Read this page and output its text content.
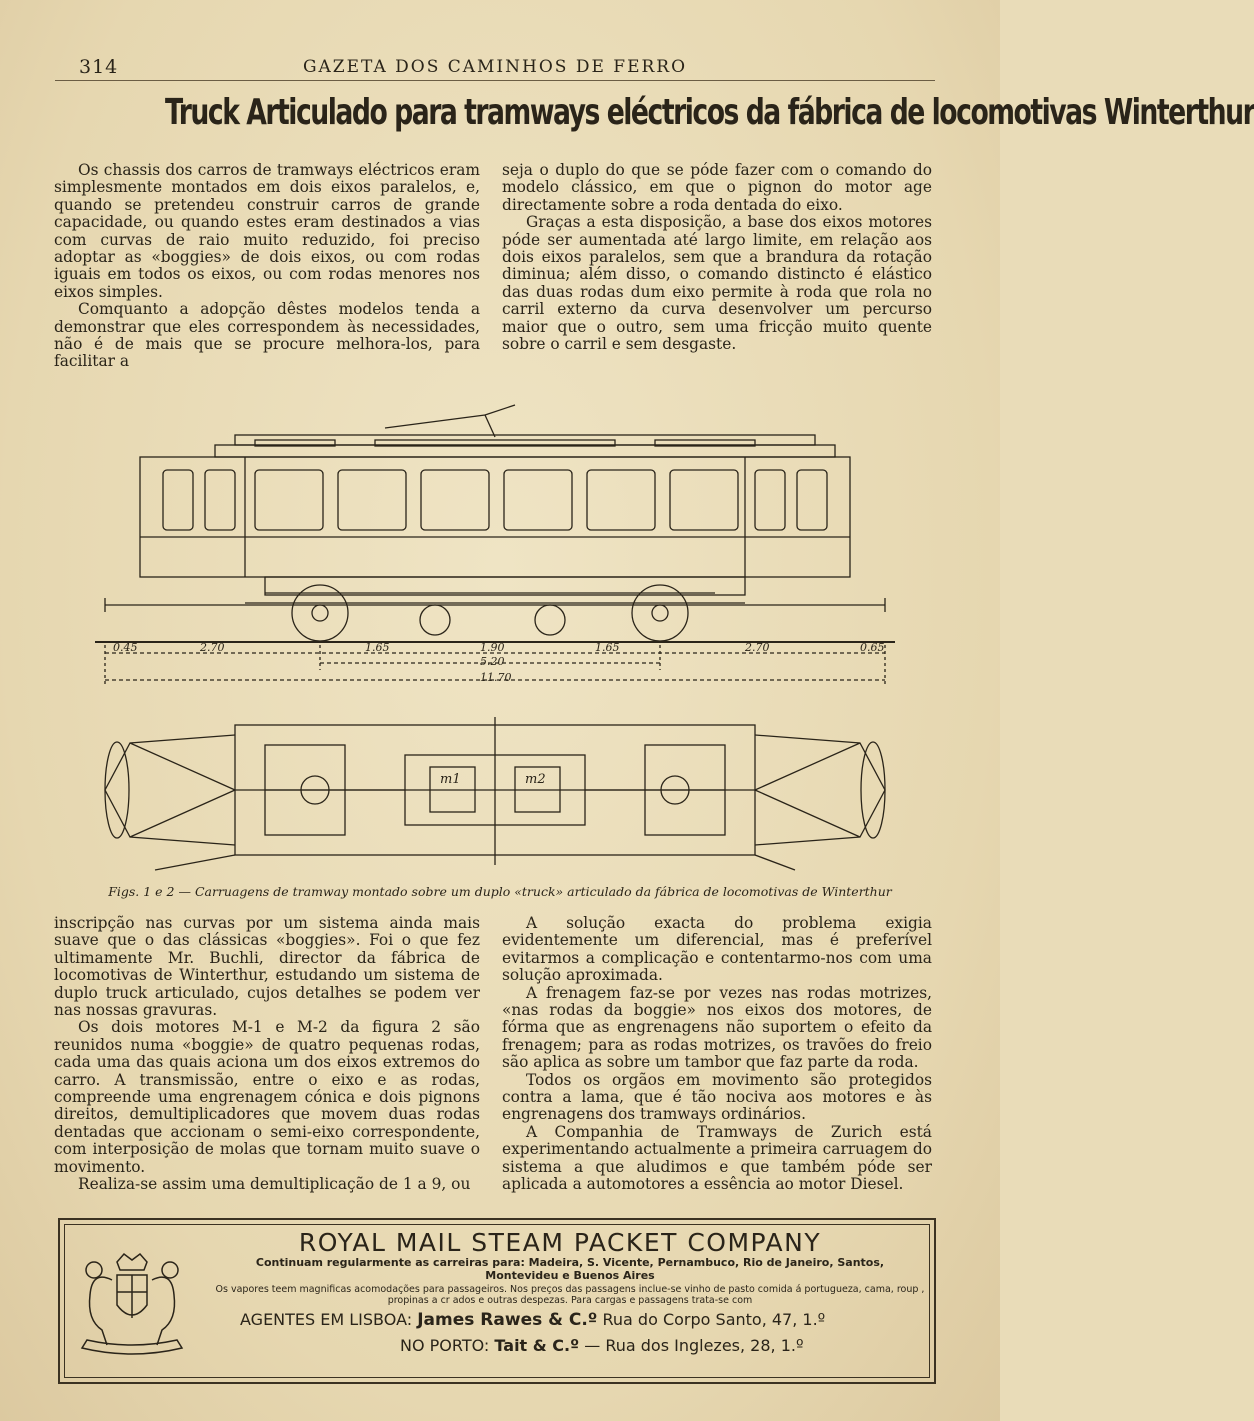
314	GAZETA DOS CAMINHOS DE FERRO
Truck Articulado para tramways eléctricos da fábrica de locomotivas Winterthur

Os chassis dos carros de tramways eléctricos eram simplesmente montados em dois eixos paralelos, e, quando se pretendeu construir carros de grande capacidade, ou quando estes eram destinados a vias com curvas de raio muito reduzido, foi preciso adoptar as «boggies» de dois eixos, ou com rodas iguais em todos os eixos, ou com rodas menores nos eixos simples.

Comquanto a adopção dêstes modelos tenda a demonstrar que eles correspondem às necessidades, não é de mais que se procure melhora-los, para facilitar a

seja o duplo do que se póde fazer com o comando do modelo clássico, em que o pignon do motor age directamente sobre a roda dentada do eixo.

Graças a esta disposição, a base dos eixos motores póde ser aumentada até largo limite, em relação aos dois eixos paralelos, sem que a brandura da rotação diminua; além disso, o comando distincto é elástico das duas rodas dum eixo permite à roda que rola no carril externo da curva desenvolver um percurso maior que o outro, sem uma fricção muito quente sobre o carril e sem desgaste.

0.45	2.70	1.65	1.90
5.20
11.70
1.65	2.70	0.65
m1	m2
Figs. 1 e 2 — Carruagens de tramway montado sobre um duplo «truck» articulado da fábrica de locomotivas de Winterthur

inscripção nas curvas por um sistema ainda mais suave que o das clássicas «boggies». Foi o que fez ultimamente Mr. Buchli, director da fábrica de locomotivas de Winterthur, estudando um sistema de duplo truck articulado, cujos detalhes se podem ver nas nossas gravuras.

Os dois motores M-1 e M-2 da figura 2 são reunidos numa «boggie» de quatro pequenas rodas, cada uma das quais aciona um dos eixos extremos do carro. A transmissão, entre o eixo e as rodas, compreende uma engrenagem cónica e dois pignons direitos, demultiplicadores que movem duas rodas dentadas que accionam o semi-eixo correspondente, com interposição de molas que tornam muito suave o movimento.

Realiza-se assim uma demultiplicação de 1 a 9, ou

A solução exacta do problema exigia evidentemente um diferencial, mas é preferível evitarmos a complicação e contentarmo-nos com uma solução aproximada.

A frenagem faz-se por vezes nas rodas motrizes, «nas rodas da boggie» nos eixos dos motores, de fórma que as engrenagens não suportem o efeito da frenagem; para as rodas motrizes, os travões do freio são aplica as sobre um tambor que faz parte da roda.

Todos os orgãos em movimento são protegidos contra a lama, que é tão nociva aos motores e às engrenagens dos tramways ordinários.

A Companhia de Tramways de Zurich está experimentando actualmente a primeira carruagem do sistema a que aludimos e que também póde ser aplicada a automotores a essência ao motor Diesel.

ROYAL MAIL STEAM PACKET COMPANY
Continuam regularmente as carreiras para: Madeira, S. Vicente, Pernambuco, Rio de Janeiro, Santos, Montevideu e Buenos Aires
Os vapores teem magnificas acomodações para passageiros. Nos preços das passagens inclue-se vinho de pasto comida á portugueza, cama, roup , propinas a cr ados e outras despezas. Para cargas e passagens trata-se com
AGENTES EM LISBOA: James Rawes & C.º Rua do Corpo Santo, 47, 1.º
NO PORTO: Tait & C.º — Rua dos Inglezes, 28, 1.º
